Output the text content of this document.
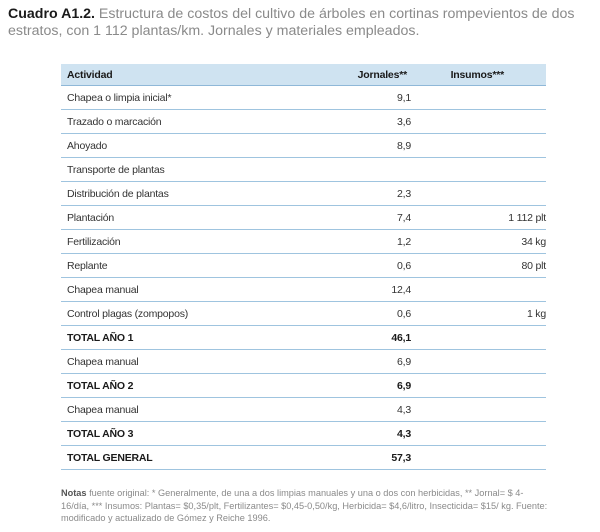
Cuadro A1.2. Estructura de costos del cultivo de árboles en cortinas rompevientos de dos estratos, con 1 112 plantas/km. Jornales y materiales empleados.
Actividad	Jornales**	Insumos***
Chapea o limpia inicial*	9,1	
Trazado o marcación	3,6	
Ahoyado	8,9	
Transporte de plantas		
Distribución de plantas	2,3	
Plantación	7,4	1 112 plt
Fertilización	1,2	34 kg
Replante	0,6	80 plt
Chapea manual	12,4	
Control plagas (zompopos)	0,6	1 kg
TOTAL AÑO 1	46,1	
Chapea manual	6,9	
TOTAL AÑO 2	6,9	
Chapea manual	4,3	
TOTAL AÑO 3	4,3	
TOTAL GENERAL	57,3	
Notas fuente original: * Generalmente, de una a dos limpias manuales y una o dos con herbicidas, ** Jornal= $ 4-16/día, *** Insumos: Plantas= $0,35/plt, Fertilizantes= $0,45-0,50/kg, Herbicida= $4,6/litro, Insecticida= $15/ kg. Fuente: modificado y actualizado de Gómez y Reiche 1996.
